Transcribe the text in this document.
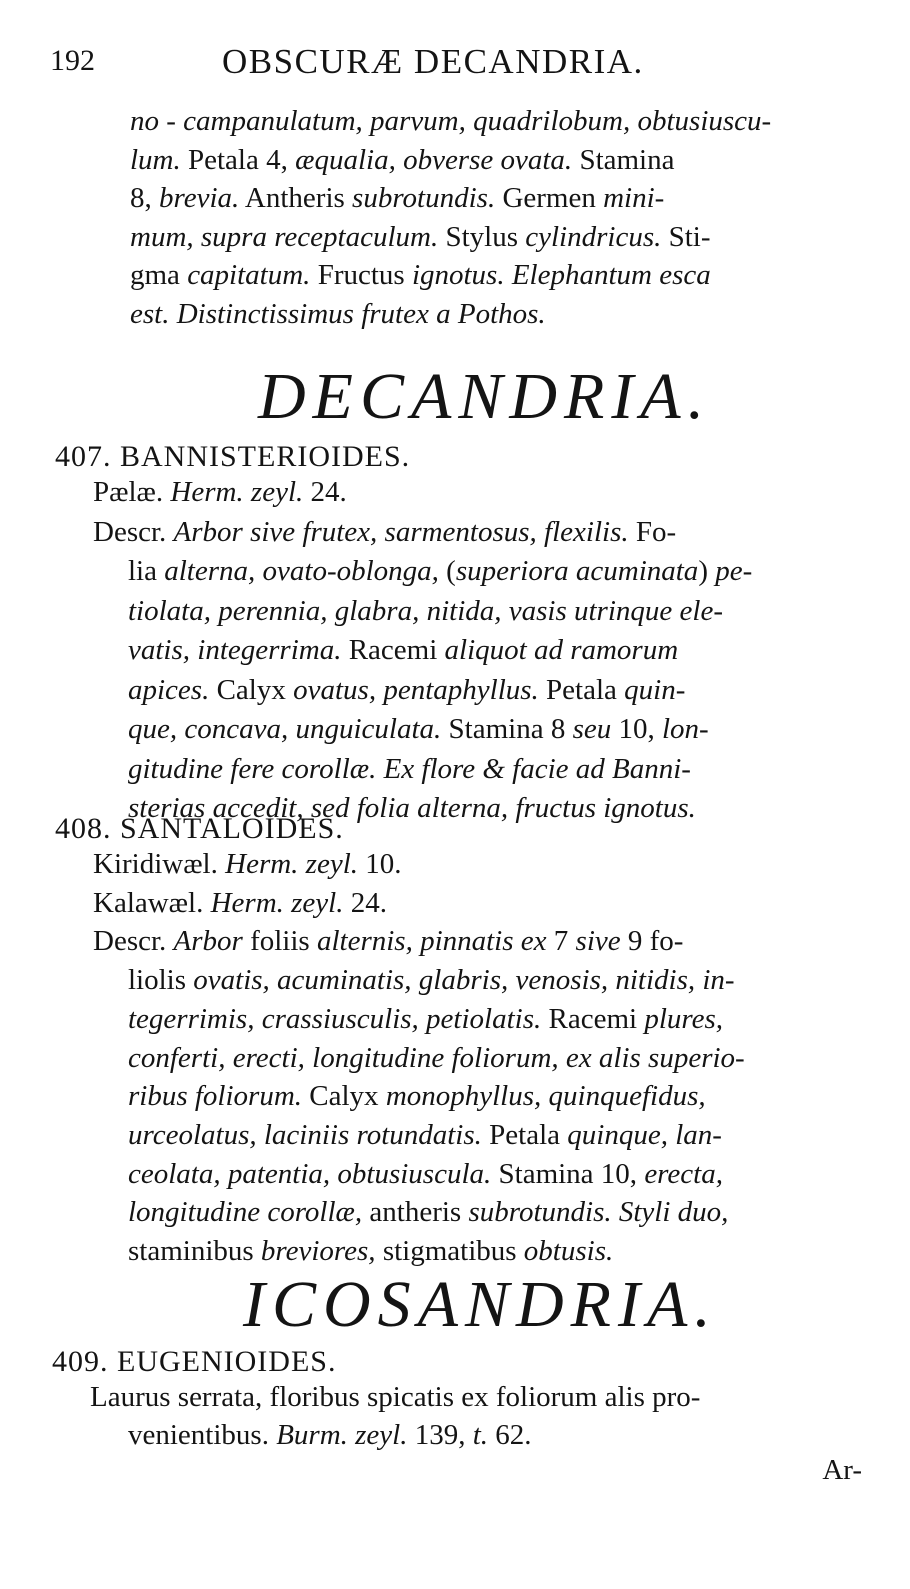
192	OBSCURÆ DECANDRIA.
DECANDRIA.
407. BANNISTERIOIDES.
408. SANTALOIDES.
ICOSANDRIA.
409. EUGENIOIDES.
Ar-
no - campanulatum, parvum, quadrilobum, obtusiuscu-
lum. Petala 4, æqualia, obverse ovata. Stamina
8, brevia. Antheris subrotundis. Germen mini-
mum, supra receptaculum. Stylus cylindricus. Sti-
gma capitatum. Fructus ignotus. Elephantum esca
est. Distinctissimus frutex a Pothos.
Pælæ. Herm. zeyl. 24.
Descr. Arbor sive frutex, sarmentosus, flexilis. Fo-
lia alterna, ovato-oblonga, (superiora acuminata) pe-
tiolata, perennia, glabra, nitida, vasis utrinque ele-
vatis, integerrima. Racemi aliquot ad ramorum
apices. Calyx ovatus, pentaphyllus. Petala quin-
que, concava, unguiculata. Stamina 8 seu 10, lon-
gitudine fere corollæ. Ex flore & facie ad Banni-
sterias accedit, sed folia alterna, fructus ignotus.
Kiridiwæl. Herm. zeyl. 10.
Kalawæl. Herm. zeyl. 24.
Descr. Arbor foliis alternis, pinnatis ex 7 sive 9 fo-
liolis ovatis, acuminatis, glabris, venosis, nitidis, in-
tegerrimis, crassiusculis, petiolatis. Racemi plures,
conferti, erecti, longitudine foliorum, ex alis superio-
ribus foliorum. Calyx monophyllus, quinquefidus,
urceolatus, laciniis rotundatis. Petala quinque, lan-
ceolata, patentia, obtusiuscula. Stamina 10, erecta,
longitudine corollæ, antheris subrotundis. Styli duo,
staminibus breviores, stigmatibus obtusis.
Laurus serrata, floribus spicatis ex foliorum alis pro-
venientibus. Burm. zeyl. 139, t. 62.
